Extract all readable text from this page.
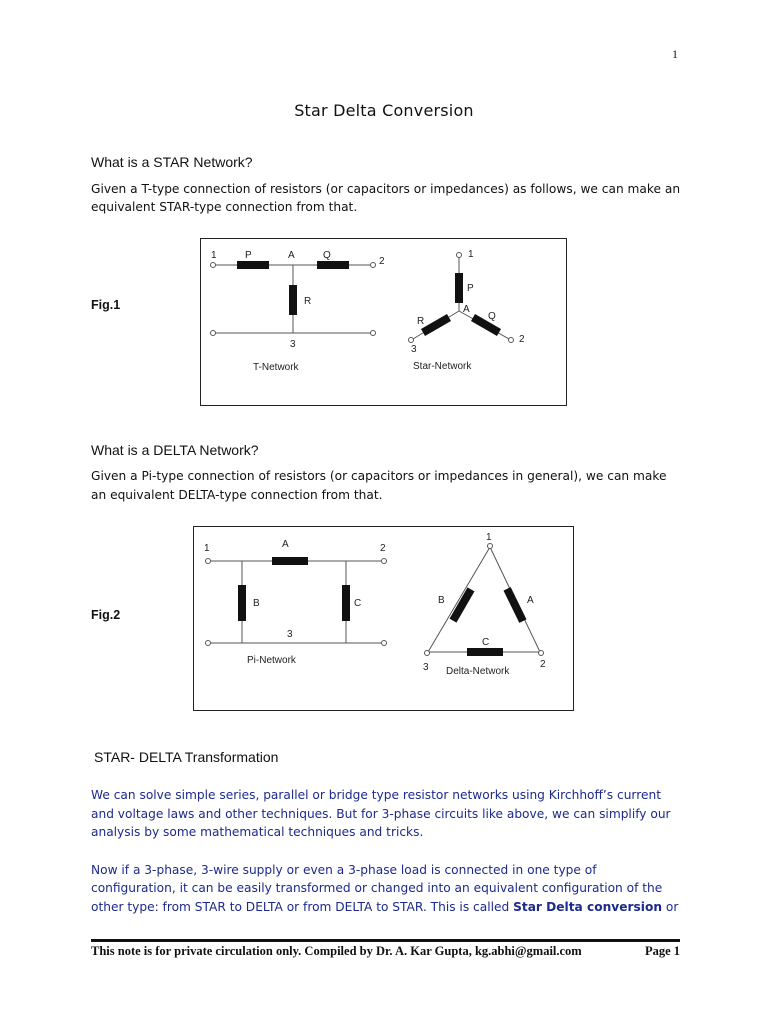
1
Star Delta Conversion
What is a STAR Network?
Given a T-type connection of resistors (or capacitors or impedances) as follows, we can make an
equivalent STAR-type connection from that.
Fig.1
1	P	A	Q
2
R
3
T-Network
1
P
A
R	Q
3
2
Star-Network
What is a DELTA Network?
Given a Pi-type connection of resistors (or capacitors or impedances in general), we can make
an equivalent DELTA-type connection from that.
Fig.2
1	A	2
B	C
3
Pi-Network
1
B	A
C
3	2
Delta-Network
STAR- DELTA Transformation
We can solve simple series, parallel or bridge type resistor networks using Kirchhoff’s current
and voltage laws and other techniques. But for 3-phase circuits like above, we can simplify our
analysis by some mathematical techniques and tricks.
Now if a 3-phase, 3-wire supply or even a 3-phase load is connected in one type of
configuration, it can be easily transformed or changed into an equivalent configuration of the
other type: from STAR to DELTA or from DELTA to STAR. This is called Star Delta conversion or
This note is for private circulation only. Compiled by Dr. A. Kar Gupta, kg.abhi@gmail.com	Page 1
